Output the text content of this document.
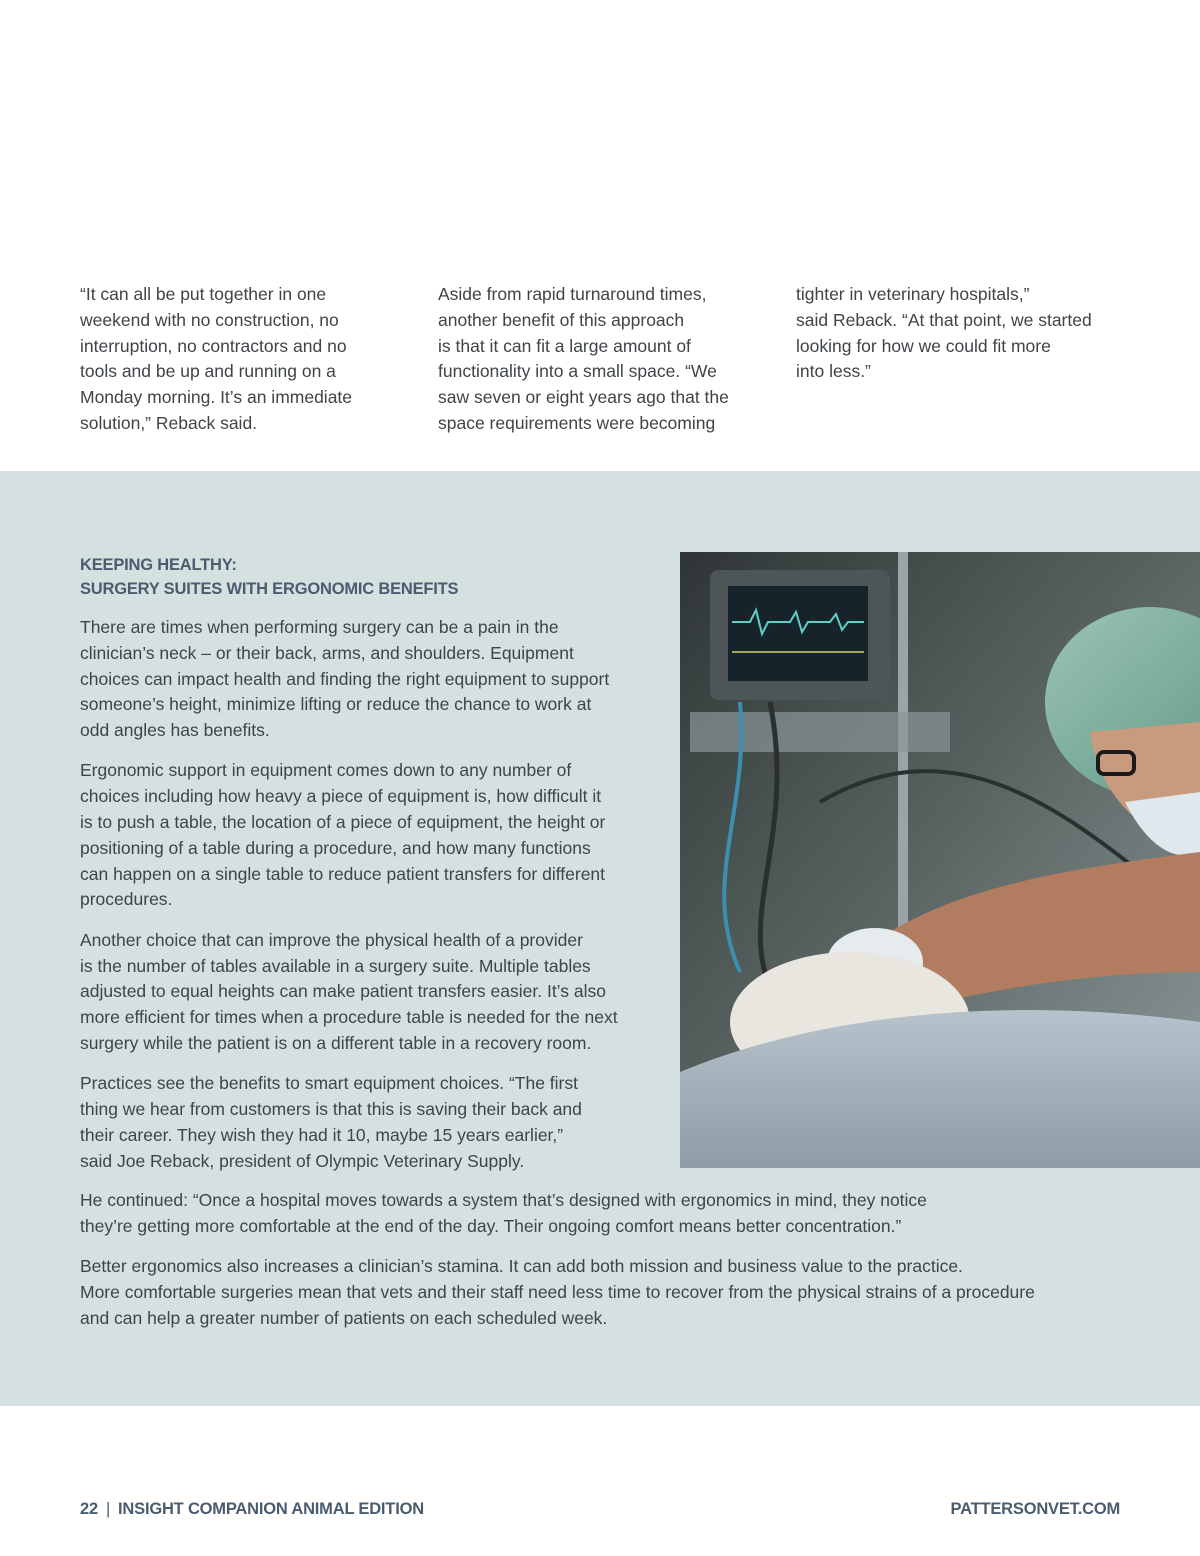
“It can all be put together in one

weekend with no construction, no

interruption, no contractors and no

tools and be up and running on a

Monday morning. It’s an immediate

solution,” Reback said.

Aside from rapid turnaround times,

another benefit of this approach

is that it can fit a large amount of

functionality into a small space. “We

saw seven or eight years ago that the

space requirements were becoming

tighter in veterinary hospitals,”

said Reback. “At that point, we started

looking for how we could fit more

into less.”

KEEPING HEALTHY:
SURGERY SUITES WITH ERGONOMIC BENEFITS

There are times when performing surgery can be a pain in the
clinician’s neck – or their back, arms, and shoulders. Equipment
choices can impact health and finding the right equipment to support
someone’s height, minimize lifting or reduce the chance to work at
odd angles has benefits.

Ergonomic support in equipment comes down to any number of
choices including how heavy a piece of equipment is, how difficult it
is to push a table, the location of a piece of equipment, the height or
positioning of a table during a procedure, and how many functions
can happen on a single table to reduce patient transfers for different
procedures.

Another choice that can improve the physical health of a provider
is the number of tables available in a surgery suite. Multiple tables
adjusted to equal heights can make patient transfers easier. It’s also
more efficient for times when a procedure table is needed for the next
surgery while the patient is on a different table in a recovery room.

Practices see the benefits to smart equipment choices. “The first
thing we hear from customers is that this is saving their back and
their career. They wish they had it 10, maybe 15 years earlier,”
said Joe Reback, president of Olympic Veterinary Supply.

He continued: “Once a hospital moves towards a system that’s designed with ergonomics in mind, they notice
they’re getting more comfortable at the end of the day. Their ongoing comfort means better concentration.”

Better ergonomics also increases a clinician’s stamina. It can add both mission and business value to the practice.
More comfortable surgeries mean that vets and their staff need less time to recover from the physical strains of a procedure
and can help a greater number of patients on each scheduled week.

22 | INSIGHT COMPANION ANIMAL EDITION	PATTERSONVET.COM
